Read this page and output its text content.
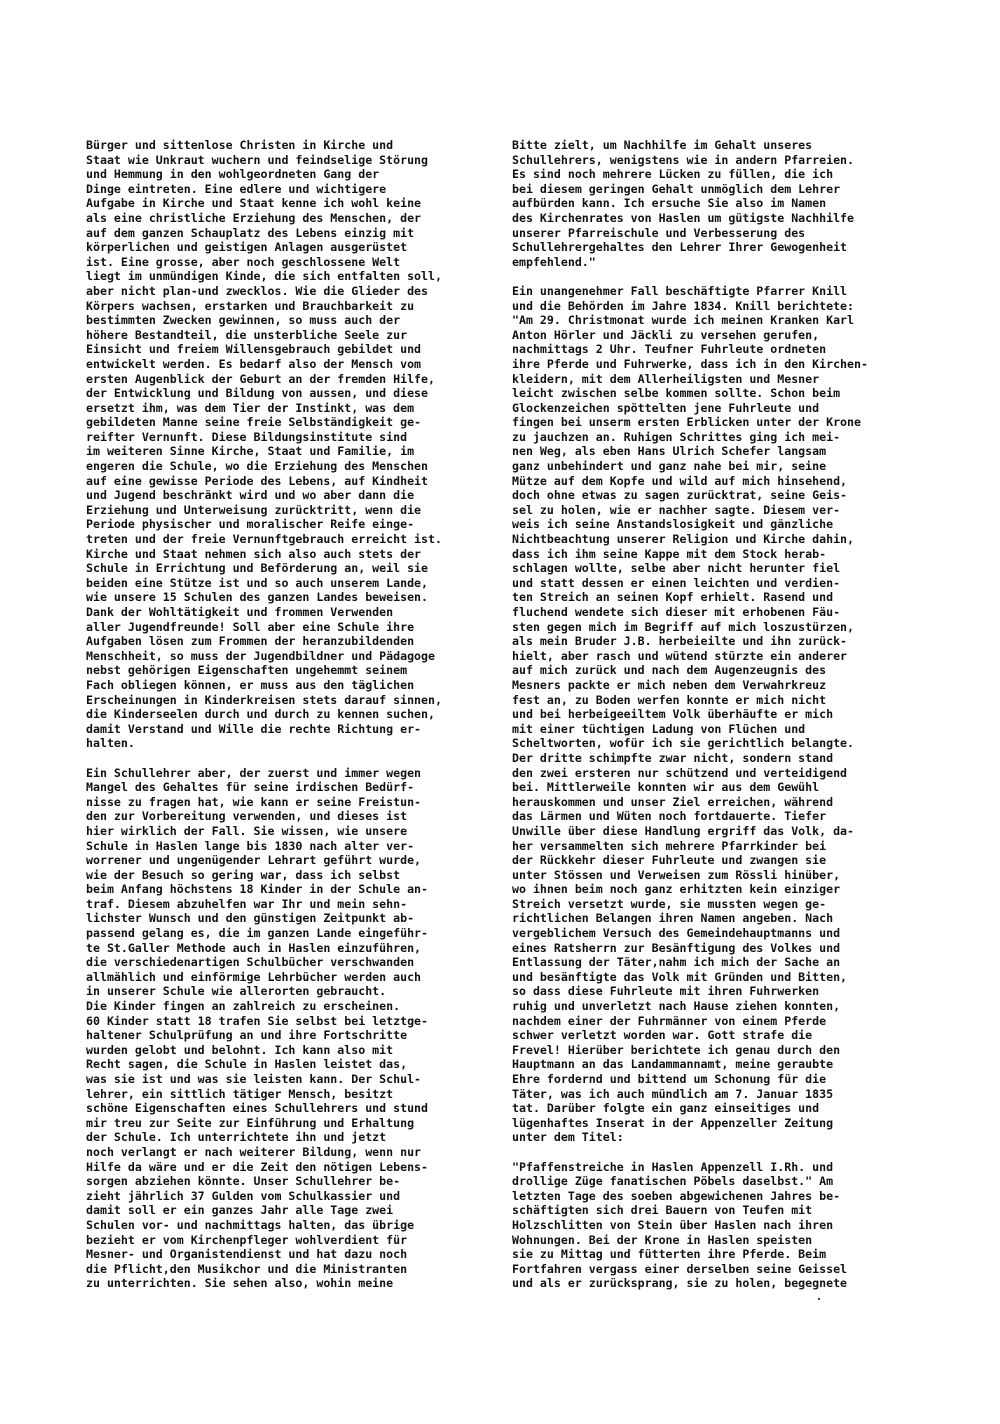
Bürger und sittenlose Christen in Kirche und
Staat wie Unkraut wuchern und feindselige Störung
und Hemmung in den wohlgeordneten Gang der
Dinge eintreten. Eine edlere und wichtigere
Aufgabe in Kirche und Staat kenne ich wohl keine
als eine christliche Erziehung des Menschen, der
auf dem ganzen Schauplatz des Lebens einzig mit
körperlichen und geistigen Anlagen ausgerüstet
ist. Eine grosse, aber noch geschlossene Welt
liegt im unmündigen Kinde, die sich entfalten soll,
aber nicht plan-und zwecklos. Wie die Glieder des
Körpers wachsen, erstarken und Brauchbarkeit zu
bestimmten Zwecken gewinnen, so muss auch der
höhere Bestandteil, die unsterbliche Seele zur
Einsicht und freiem Willensgebrauch gebildet und
entwickelt werden. Es bedarf also der Mensch vom
ersten Augenblick der Geburt an der fremden Hilfe,
der Entwicklung und Bildung von aussen, und diese
ersetzt ihm, was dem Tier der Instinkt, was dem
gebildeten Manne seine freie Selbständigkeit ge-
reifter Vernunft. Diese Bildungsinstitute sind
im weiteren Sinne Kirche, Staat und Familie, im
engeren die Schule, wo die Erziehung des Menschen
auf eine gewisse Periode des Lebens, auf Kindheit
und Jugend beschränkt wird und wo aber dann die
Erziehung und Unterweisung zurücktritt, wenn die
Periode physischer und moralischer Reife einge-
treten und der freie Vernunftgebrauch erreicht ist.
Kirche und Staat nehmen sich also auch stets der
Schule in Errichtung und Beförderung an, weil sie
beiden eine Stütze ist und so auch unserem Lande,
wie unsere 15 Schulen des ganzen Landes beweisen.
Dank der Wohltätigkeit und frommen Verwenden
aller Jugendfreunde! Soll aber eine Schule ihre
Aufgaben lösen zum Frommen der heranzubildenden
Menschheit, so muss der Jugendbildner und Pädagoge
nebst gehörigen Eigenschaften ungehemmt seinem
Fach obliegen können, er muss aus den täglichen
Erscheinungen in Kinderkreisen stets darauf sinnen,
die Kinderseelen durch und durch zu kennen suchen,
damit Verstand und Wille die rechte Richtung er-
halten.
Ein Schullehrer aber, der zuerst und immer wegen
Mangel des Gehaltes für seine irdischen Bedürf-
nisse zu fragen hat, wie kann er seine Freistun-
den zur Vorbereitung verwenden, und dieses ist
hier wirklich der Fall. Sie wissen, wie unsere
Schule in Haslen lange bis 1830 nach alter ver-
worrener und ungenügender Lehrart geführt wurde,
wie der Besuch so gering war, dass ich selbst
beim Anfang höchstens 18 Kinder in der Schule an-
traf. Diesem abzuhelfen war Ihr und mein sehn-
lichster Wunsch und den günstigen Zeitpunkt ab-
passend gelang es, die im ganzen Lande eingeführ-
te St.Galler Methode auch in Haslen einzuführen,
die verschiedenartigen Schulbücher verschwanden
allmählich und einförmige Lehrbücher werden auch
in unserer Schule wie allerorten gebraucht.
Die Kinder fingen an zahlreich zu erscheinen.
60 Kinder statt 18 trafen Sie selbst bei letztge-
haltener Schulprüfung an und ihre Fortschritte
wurden gelobt und belohnt. Ich kann also mit
Recht sagen, die Schule in Haslen leistet das,
was sie ist und was sie leisten kann. Der Schul-
lehrer, ein sittlich tätiger Mensch, besitzt
schöne Eigenschaften eines Schullehrers und stund
mir treu zur Seite zur Einführung und Erhaltung
der Schule. Ich unterrichtete ihn und jetzt
noch verlangt er nach weiterer Bildung, wenn nur
Hilfe da wäre und er die Zeit den nötigen Lebens-
sorgen abziehen könnte. Unser Schullehrer be-
zieht jährlich 37 Gulden vom Schulkassier und
damit soll er ein ganzes Jahr alle Tage zwei
Schulen vor- und nachmittags halten, das übrige
bezieht er vom Kirchenpfleger wohlverdient für
Mesner- und Organistendienst und hat dazu noch
die Pflicht,den Musikchor und die Ministranten
zu unterrichten. Sie sehen also, wohin meine
Bitte zielt, um Nachhilfe im Gehalt unseres
Schullehrers, wenigstens wie in andern Pfarreien.
Es sind noch mehrere Lücken zu füllen, die ich
bei diesem geringen Gehalt unmöglich dem Lehrer
aufbürden kann. Ich ersuche Sie also im Namen
des Kirchenrates von Haslen um gütigste Nachhilfe
unserer Pfarreischule und Verbesserung des
Schullehrergehaltes den Lehrer Ihrer Gewogenheit
empfehlend."
Ein unangenehmer Fall beschäftigte Pfarrer Knill
und die Behörden im Jahre 1834. Knill berichtete:
"Am 29. Christmonat wurde ich meinen Kranken Karl
Anton Hörler und Jäckli zu versehen gerufen,
nachmittags 2 Uhr. Teufner Fuhrleute ordneten
ihre Pferde und Fuhrwerke, dass ich in den Kirchen-
kleidern, mit dem Allerheiligsten und Mesner
leicht zwischen selbe kommen sollte. Schon beim
Glockenzeichen spöttelten jene Fuhrleute und
fingen bei unserm ersten Erblicken unter der Krone
zu jauchzen an. Ruhigen Schrittes ging ich mei-
nen Weg, als eben Hans Ulrich Schefer langsam
ganz unbehindert und ganz nahe bei mir, seine
Mütze auf dem Kopfe und wild auf mich hinsehend,
doch ohne etwas zu sagen zurücktrat, seine Geis-
sel zu holen, wie er nachher sagte. Diesem ver-
weis ich seine Anstandslosigkeit und gänzliche
Nichtbeachtung unserer Religion und Kirche dahin,
dass ich ihm seine Kappe mit dem Stock herab-
schlagen wollte, selbe aber nicht herunter fiel
und statt dessen er einen leichten und verdien-
ten Streich an seinen Kopf erhielt. Rasend und
fluchend wendete sich dieser mit erhobenen Fäu-
sten gegen mich im Begriff auf mich loszustürzen,
als mein Bruder J.B. herbeieilte und ihn zurück-
hielt, aber rasch und wütend stürzte ein anderer
auf mich zurück und nach dem Augenzeugnis des
Mesners packte er mich neben dem Verwahrkreuz
fest an, zu Boden werfen konnte er mich nicht
und bei herbeigeeiltem Volk überhäufte er mich
mit einer tüchtigen Ladung von Flüchen und
Scheltworten, wofür ich sie gerichtlich belangte.
Der dritte schimpfte zwar nicht, sondern stand
den zwei ersteren nur schützend und verteidigend
bei. Mittlerweile konnten wir aus dem Gewühl
herauskommen und unser Ziel erreichen, während
das Lärmen und Wüten noch fortdauerte. Tiefer
Unwille über diese Handlung ergriff das Volk, da-
her versammelten sich mehrere Pfarrkinder bei
der Rückkehr dieser Fuhrleute und zwangen sie
unter Stössen und Verweisen zum Rössli hinüber,
wo ihnen beim noch ganz erhitzten kein einziger
Streich versetzt wurde, sie mussten wegen ge-
richtlichen Belangen ihren Namen angeben. Nach
vergeblichem Versuch des Gemeindehauptmanns und
eines Ratsherrn zur Besänftigung des Volkes und
Entlassung der Täter,nahm ich mich der Sache an
und besänftigte das Volk mit Gründen und Bitten,
so dass diese Fuhrleute mit ihren Fuhrwerken
ruhig und unverletzt nach Hause ziehen konnten,
nachdem einer der Fuhrmänner von einem Pferde
schwer verletzt worden war. Gott strafe die
Frevel! Hierüber berichtete ich genau durch den
Hauptmann an das Landammannamt, meine geraubte
Ehre fordernd und bittend um Schonung für die
Täter, was ich auch mündlich am 7. Januar 1835
tat. Darüber folgte ein ganz einseitiges und
lügenhaftes Inserat in der Appenzeller Zeitung
unter dem Titel:
"Pfaffenstreiche in Haslen Appenzell I.Rh. und
drollige Züge fanatischen Pöbels daselbst." Am
letzten Tage des soeben abgewichenen Jahres be-
schäftigten sich drei Bauern von Teufen mit
Holzschlitten von Stein über Haslen nach ihren
Wohnungen. Bei der Krone in Haslen speisten
sie zu Mittag und fütterten ihre Pferde. Beim
Fortfahren vergass einer derselben seine Geissel
und als er zurücksprang, sie zu holen, begegnete
